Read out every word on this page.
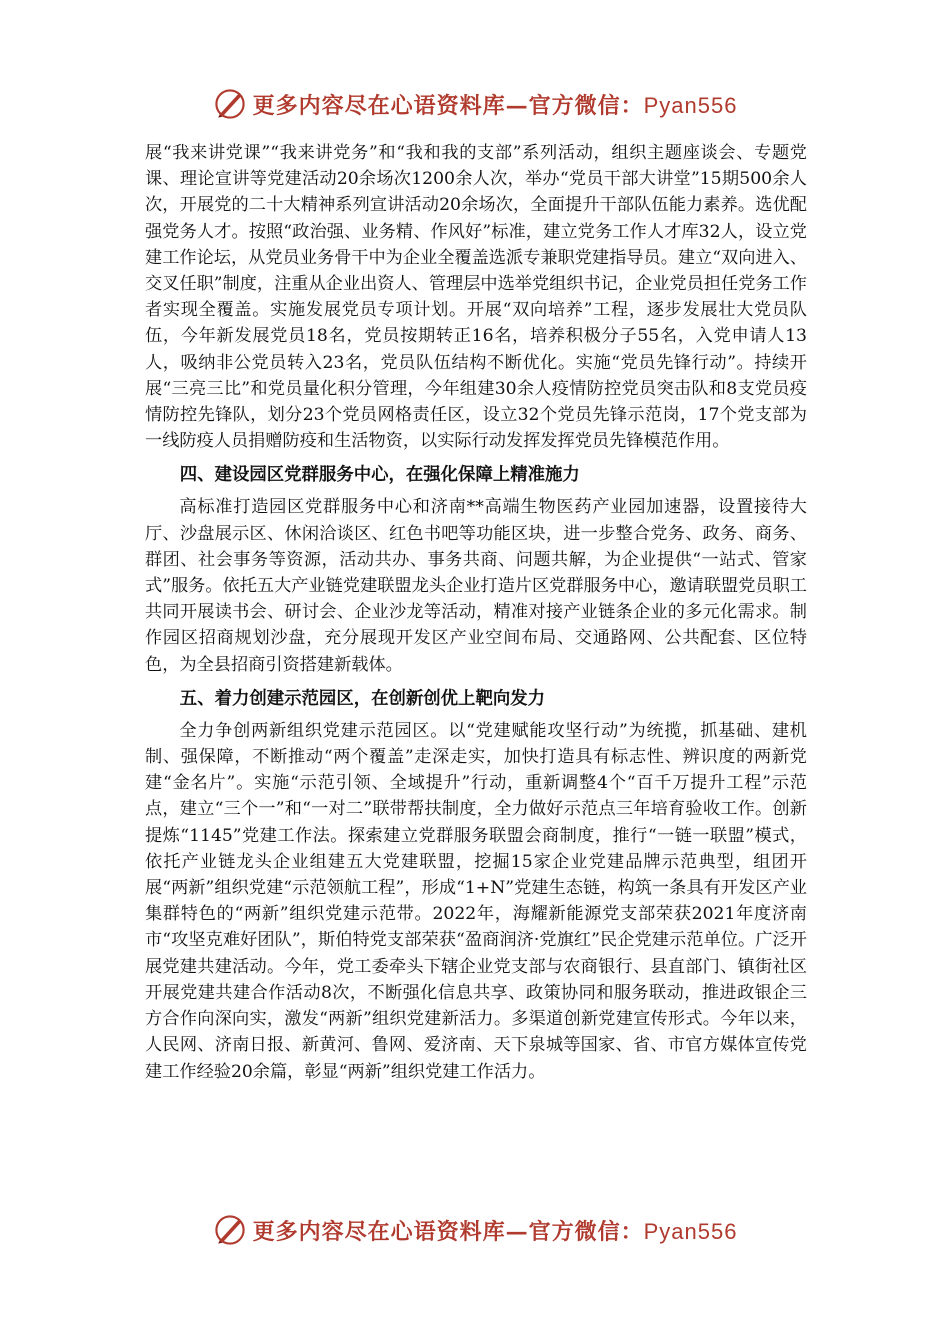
更多内容尽在心语资料库—官方微信：Pyan556

展“我来讲党课”“我来讲党务”和“我和我的支部”系列活动，组织主题座谈会、专题党课、理论宣讲等党建活动20余场次1200余人次，举办“党员干部大讲堂”15期500余人次，开展党的二十大精神系列宣讲活动20余场次，全面提升干部队伍能力素养。选优配强党务人才。按照“政治强、业务精、作风好”标准，建立党务工作人才库32人，设立党建工作论坛，从党员业务骨干中为企业全覆盖选派专兼职党建指导员。建立“双向进入、交叉任职”制度，注重从企业出资人、管理层中选举党组织书记，企业党员担任党务工作者实现全覆盖。实施发展党员专项计划。开展“双向培养”工程，逐步发展壮大党员队伍，今年新发展党员18名，党员按期转正16名，培养积极分子55名，入党申请人13人，吸纳非公党员转入23名，党员队伍结构不断优化。实施“党员先锋行动”。持续开展“三亮三比”和党员量化积分管理，今年组建30余人疫情防控党员突击队和8支党员疫情防控先锋队，划分23个党员网格责任区，设立32个党员先锋示范岗，17个党支部为一线防疫人员捐赠防疫和生活物资，以实际行动发挥发挥党员先锋模范作用。

四、建设园区党群服务中心，在强化保障上精准施力

高标准打造园区党群服务中心和济南**高端生物医药产业园加速器，设置接待大厅、沙盘展示区、休闲洽谈区、红色书吧等功能区块，进一步整合党务、政务、商务、群团、社会事务等资源，活动共办、事务共商、问题共解，为企业提供“一站式、管家式”服务。依托五大产业链党建联盟龙头企业打造片区党群服务中心，邀请联盟党员职工共同开展读书会、研讨会、企业沙龙等活动，精准对接产业链条企业的多元化需求。制作园区招商规划沙盘，充分展现开发区产业空间布局、交通路网、公共配套、区位特色，为全县招商引资搭建新载体。

五、着力创建示范园区，在创新创优上靶向发力

全力争创两新组织党建示范园区。以“党建赋能攻坚行动”为统揽，抓基础、建机制、强保障，不断推动“两个覆盖”走深走实，加快打造具有标志性、辨识度的两新党建“金名片”。实施“示范引领、全域提升”行动，重新调整4个“百千万提升工程”示范点，建立“三个一”和“一对二”联带帮扶制度，全力做好示范点三年培育验收工作。创新提炼“1145”党建工作法。探索建立党群服务联盟会商制度，推行“一链一联盟”模式，依托产业链龙头企业组建五大党建联盟，挖掘15家企业党建品牌示范典型，组团开展“两新”组织党建“示范领航工程”，形成“1+N”党建生态链，构筑一条具有开发区产业集群特色的“两新”组织党建示范带。2022年，海耀新能源党支部荣获2021年度济南市“攻坚克难好团队”，斯伯特党支部荣获“盈商润济·党旗红”民企党建示范单位。广泛开展党建共建活动。今年，党工委牵头下辖企业党支部与农商银行、县直部门、镇街社区开展党建共建合作活动8次，不断强化信息共享、政策协同和服务联动，推进政银企三方合作向深向实，激发“两新”组织党建新活力。多渠道创新党建宣传形式。今年以来，人民网、济南日报、新黄河、鲁网、爱济南、天下泉城等国家、省、市官方媒体宣传党建工作经验20余篇，彰显“两新”组织党建工作活力。

更多内容尽在心语资料库—官方微信：Pyan556
